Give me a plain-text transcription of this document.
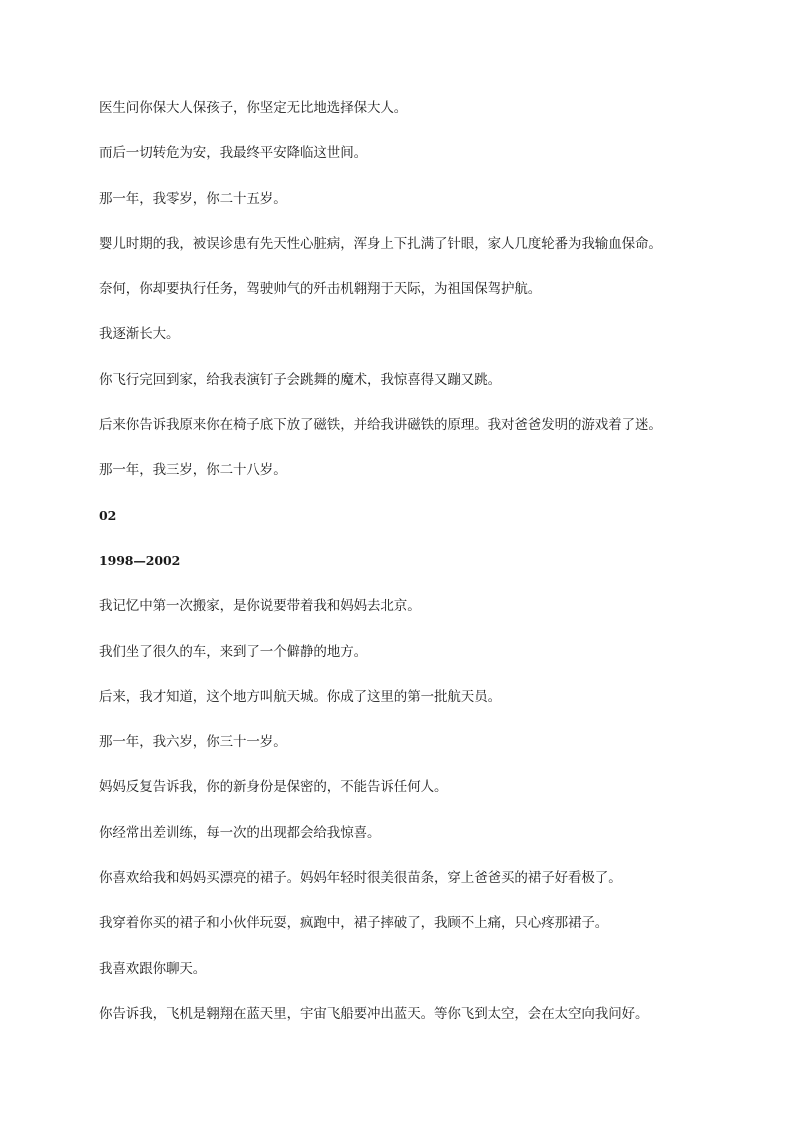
医生问你保大人保孩子，你坚定无比地选择保大人。

而后一切转危为安，我最终平安降临这世间。

那一年，我零岁，你二十五岁。

婴儿时期的我，被误诊患有先天性心脏病，浑身上下扎满了针眼，家人几度轮番为我输血保命。

奈何，你却要执行任务，驾驶帅气的歼击机翱翔于天际，为祖国保驾护航。

我逐渐长大。

你飞行完回到家，给我表演钉子会跳舞的魔术，我惊喜得又蹦又跳。

后来你告诉我原来你在椅子底下放了磁铁，并给我讲磁铁的原理。我对爸爸发明的游戏着了迷。

那一年，我三岁，你二十八岁。

02

1998—2002

我记忆中第一次搬家，是你说要带着我和妈妈去北京。

我们坐了很久的车，来到了一个僻静的地方。

后来，我才知道，这个地方叫航天城。你成了这里的第一批航天员。

那一年，我六岁，你三十一岁。

妈妈反复告诉我，你的新身份是保密的，不能告诉任何人。

你经常出差训练，每一次的出现都会给我惊喜。

你喜欢给我和妈妈买漂亮的裙子。妈妈年轻时很美很苗条，穿上爸爸买的裙子好看极了。

我穿着你买的裙子和小伙伴玩耍，疯跑中，裙子摔破了，我顾不上痛，只心疼那裙子。

我喜欢跟你聊天。

你告诉我，飞机是翱翔在蓝天里，宇宙飞船要冲出蓝天。等你飞到太空，会在太空向我问好。
